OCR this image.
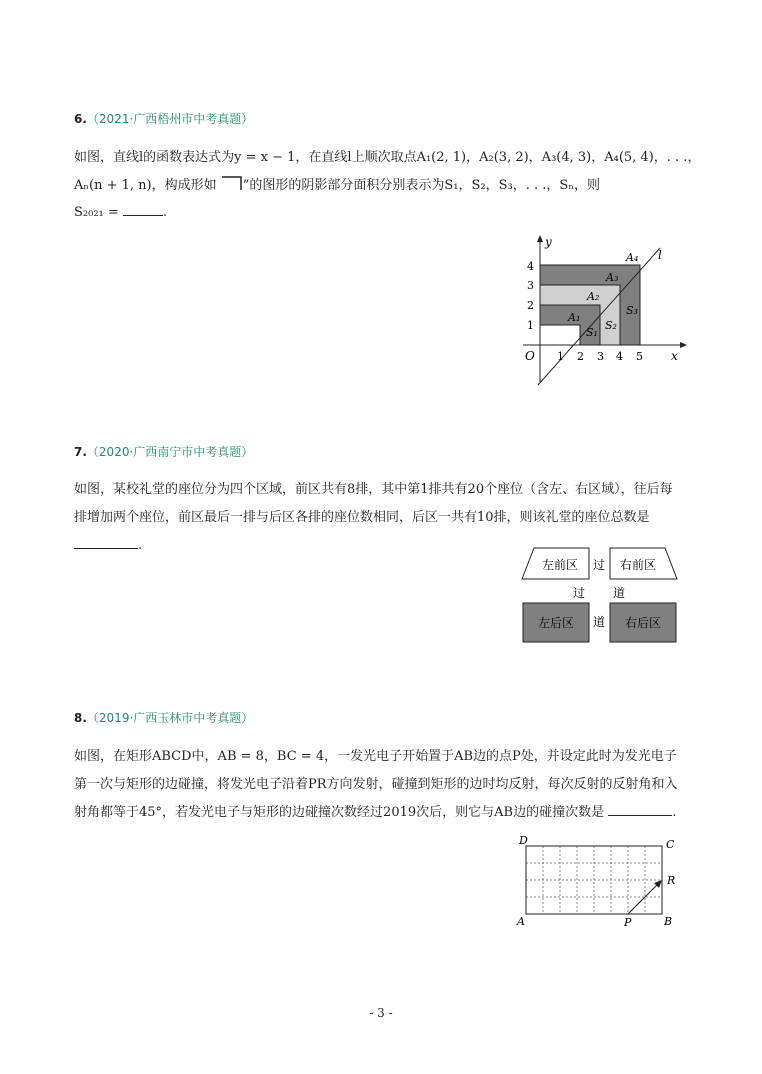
6.（2021·广西梧州市中考真题）
如图，直线l的函数表达式为y = x − 1，在直线l上顺次取点A₁(2, 1)，A₂(3, 2)，A₃(4, 3)，A₄(5, 4)，. . .，
Aₙ(n + 1, n)，构成形如 ”的图形的阴影部分面积分别表示为S₁，S₂，S₃，. . .，Sₙ，则
S₂₀₂₁ =	.
y
x
O
l
1 2 3 4 5
1
2
3
4
A₁
A₂
A₃
A₄
S₁
S₂
S₃
7.（2020·广西南宁市中考真题）
如图，某校礼堂的座位分为四个区域，前区共有8排，其中第1排共有20个座位（含左、右区域），往后每
排增加两个座位，前区最后一排与后区各排的座位数相同，后区一共有10排，则该礼堂的座位总数是
.
左前区	右前区
左后区	右后区
过
过 道
道
8.（2019·广西玉林市中考真题）
如图，在矩形ABCD中，AB = 8，BC = 4，一发光电子开始置于AB边的点P处，并设定此时为发光电子
第一次与矩形的边碰撞，将发光电子沿着PR方向发射，碰撞到矩形的边时均反射，每次反射的反射角和入
射角都等于45°，若发光电子与矩形的边碰撞次数经过2019次后，则它与AB边的碰撞次数是	.
D	C
A	B
P
R
- 3 -
